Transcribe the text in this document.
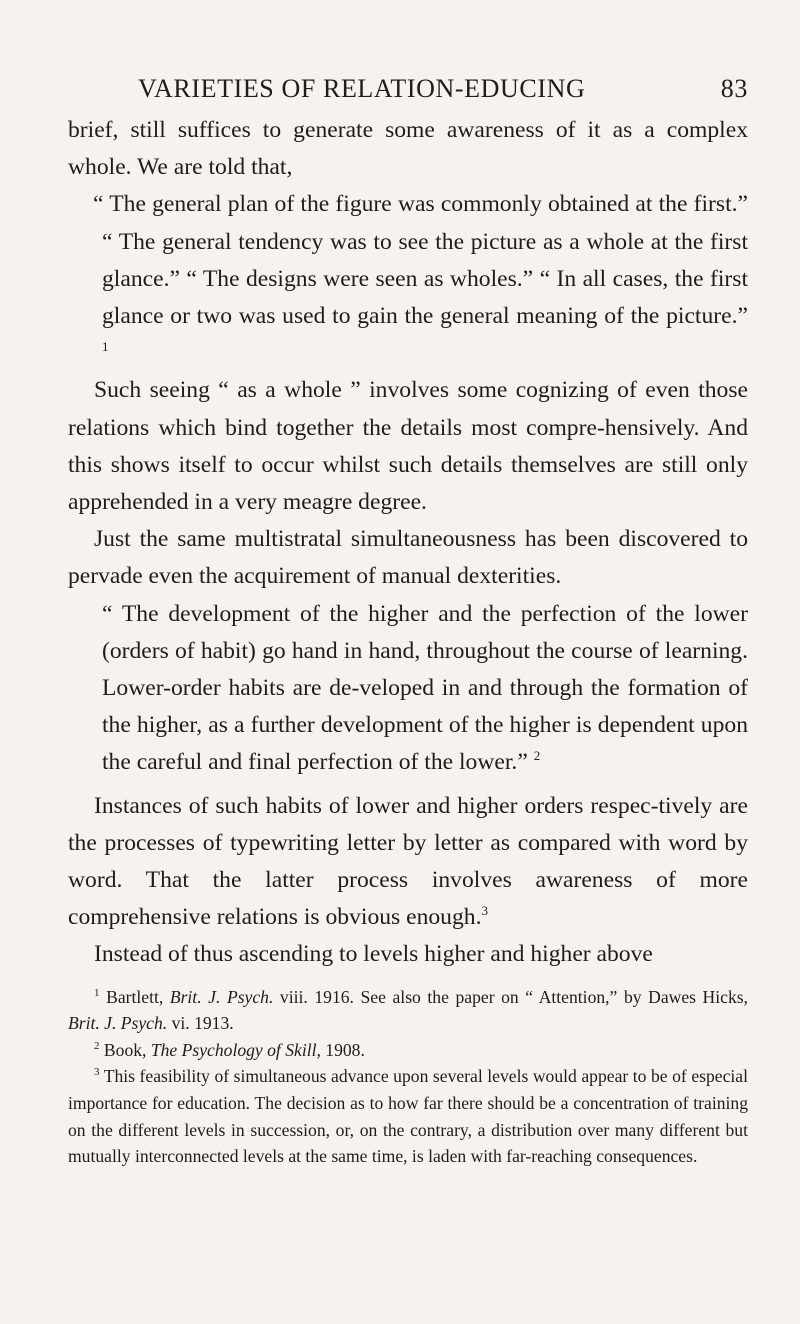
VARIETIES OF RELATION-EDUCING	83

brief, still suffices to generate some awareness of it as a complex whole. We are told that,

“ The general plan of the figure was commonly obtained at the first.” “ The general tendency was to see the picture as a whole at the first glance.” “ The designs were seen as wholes.” “ In all cases, the first glance or two was used to gain the general meaning of the picture.” $^1$

Such seeing “ as a whole ” involves some cognizing of even those relations which bind together the details most compre-hensively. And this shows itself to occur whilst such details themselves are still only apprehended in a very meagre degree.

Just the same multistratal simultaneousness has been discovered to pervade even the acquirement of manual dexterities.

“ The development of the higher and the perfection of the lower (orders of habit) go hand in hand, throughout the course of learning. Lower-order habits are de-veloped in and through the formation of the higher, as a further development of the higher is dependent upon the careful and final perfection of the lower.” $^2$

Instances of such habits of lower and higher orders respec-tively are the processes of typewriting letter by letter as compared with word by word. That the latter process involves awareness of more comprehensive relations is obvious enough.$^3$

Instead of thus ascending to levels higher and higher above

$^1$ Bartlett, Brit. J. Psych. viii. 1916. See also the paper on “ Attention,” by Dawes Hicks, Brit. J. Psych. vi. 1913.

$^2$ Book, The Psychology of Skill, 1908.

$^3$ This feasibility of simultaneous advance upon several levels would appear to be of especial importance for education. The decision as to how far there should be a concentration of training on the different levels in succession, or, on the contrary, a distribution over many different but mutually interconnected levels at the same time, is laden with far-reaching consequences.
